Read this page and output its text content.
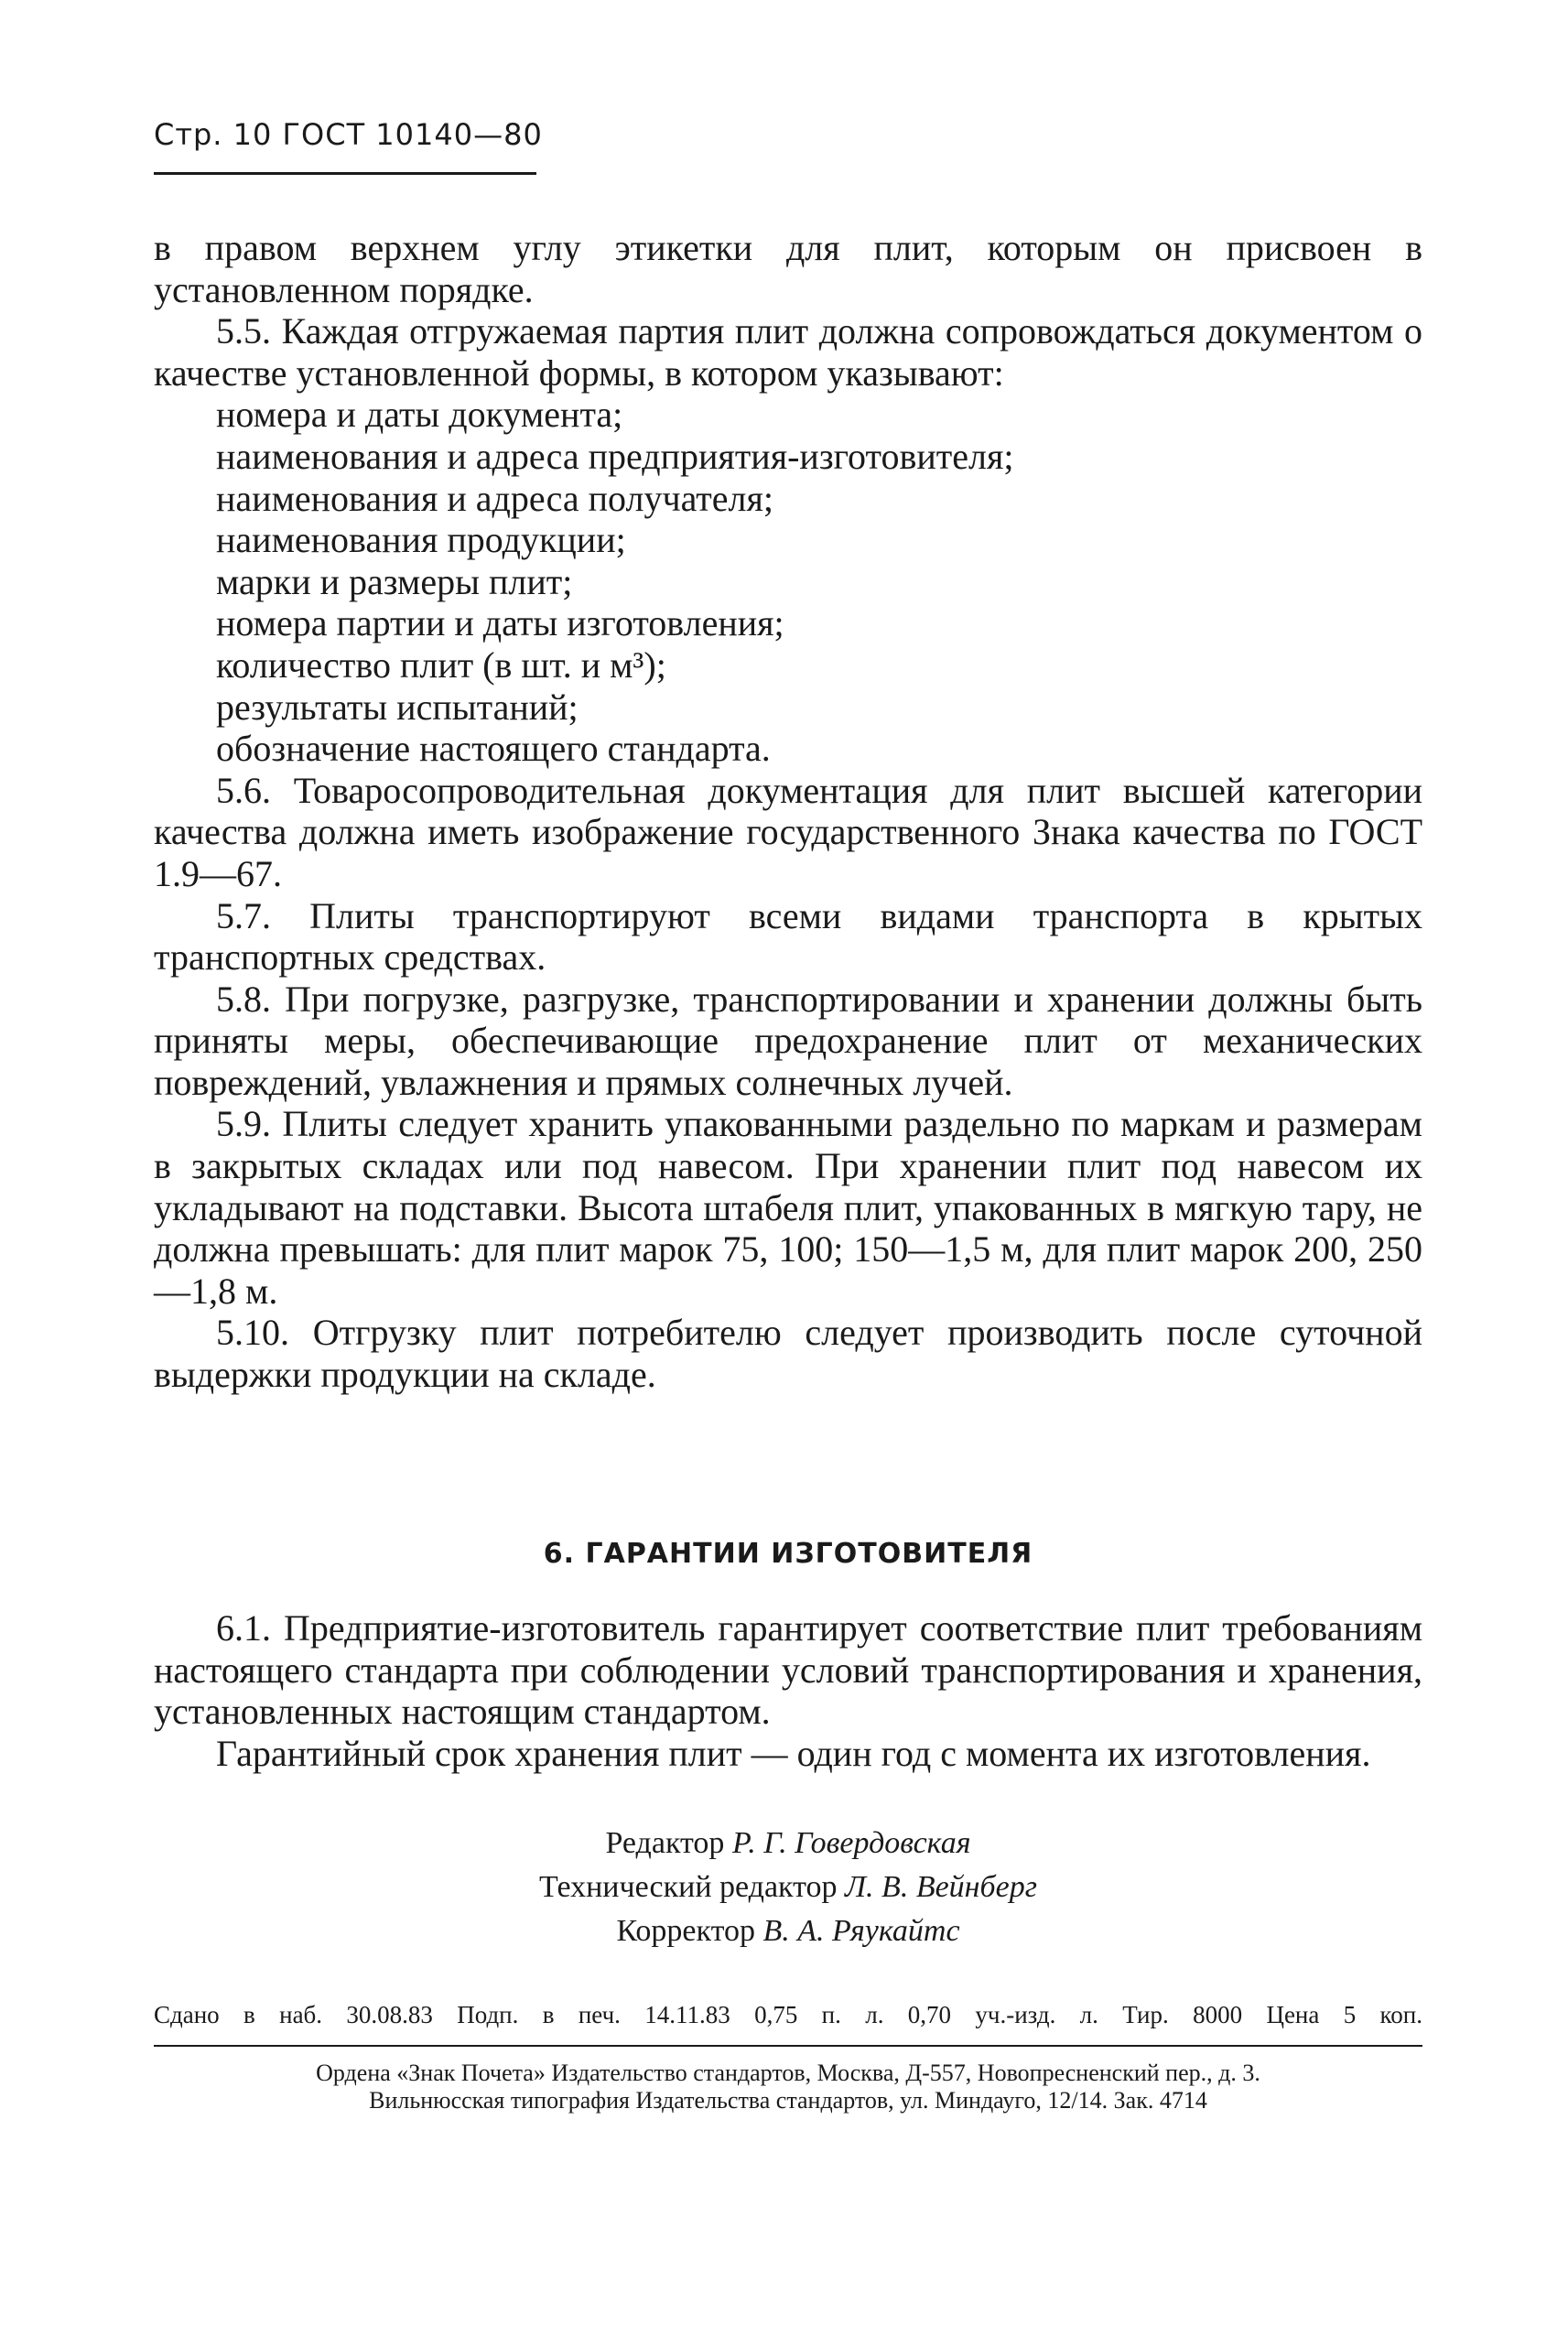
Стр. 10 ГОСТ 10140—80

в правом верхнем углу этикетки для плит, которым он присвоен в установленном порядке.

5.5. Каждая отгружаемая партия плит должна сопровождаться документом о качестве установленной формы, в котором указывают:

номера и даты документа;

наименования и адреса предприятия-изготовителя;

наименования и адреса получателя;

наименования продукции;

марки и размеры плит;

номера партии и даты изготовления;

количество плит (в шт. и м³);

результаты испытаний;

обозначение настоящего стандарта.

5.6. Товаросопроводительная документация для плит высшей категории качества должна иметь изображение государственного Знака качества по ГОСТ 1.9—67.

5.7. Плиты транспортируют всеми видами транспорта в крытых транспортных средствах.

5.8. При погрузке, разгрузке, транспортировании и хранении должны быть приняты меры, обеспечивающие предохранение плит от механических повреждений, увлажнения и прямых солнечных лучей.

5.9. Плиты следует хранить упакованными раздельно по маркам и размерам в закрытых складах или под навесом. При хранении плит под навесом их укладывают на подставки. Высота штабеля плит, упакованных в мягкую тару, не должна превышать: для плит марок 75, 100; 150—1,5 м, для плит марок 200, 250—1,8 м.

5.10. Отгрузку плит потребителю следует производить после суточной выдержки продукции на складе.

6. ГАРАНТИИ ИЗГОТОВИТЕЛЯ

6.1. Предприятие-изготовитель гарантирует соответствие плит требованиям настоящего стандарта при соблюдении условий транспортирования и хранения, установленных настоящим стандартом.

Гарантийный срок хранения плит — один год с момента их изготовления.

Редактор Р. Г. Говердовская
Технический редактор Л. В. Вейнберг
Корректор В. А. Ряукайтс
Сдано в наб. 30.08.83 Подп. в печ. 14.11.83 0,75 п. л. 0,70 уч.-изд. л. Тир. 8000 Цена 5 коп.
Ордена «Знак Почета» Издательство стандартов, Москва, Д-557, Новопресненский пер., д. 3.
Вильнюсская типография Издательства стандартов, ул. Миндауго, 12/14. Зак. 4714
